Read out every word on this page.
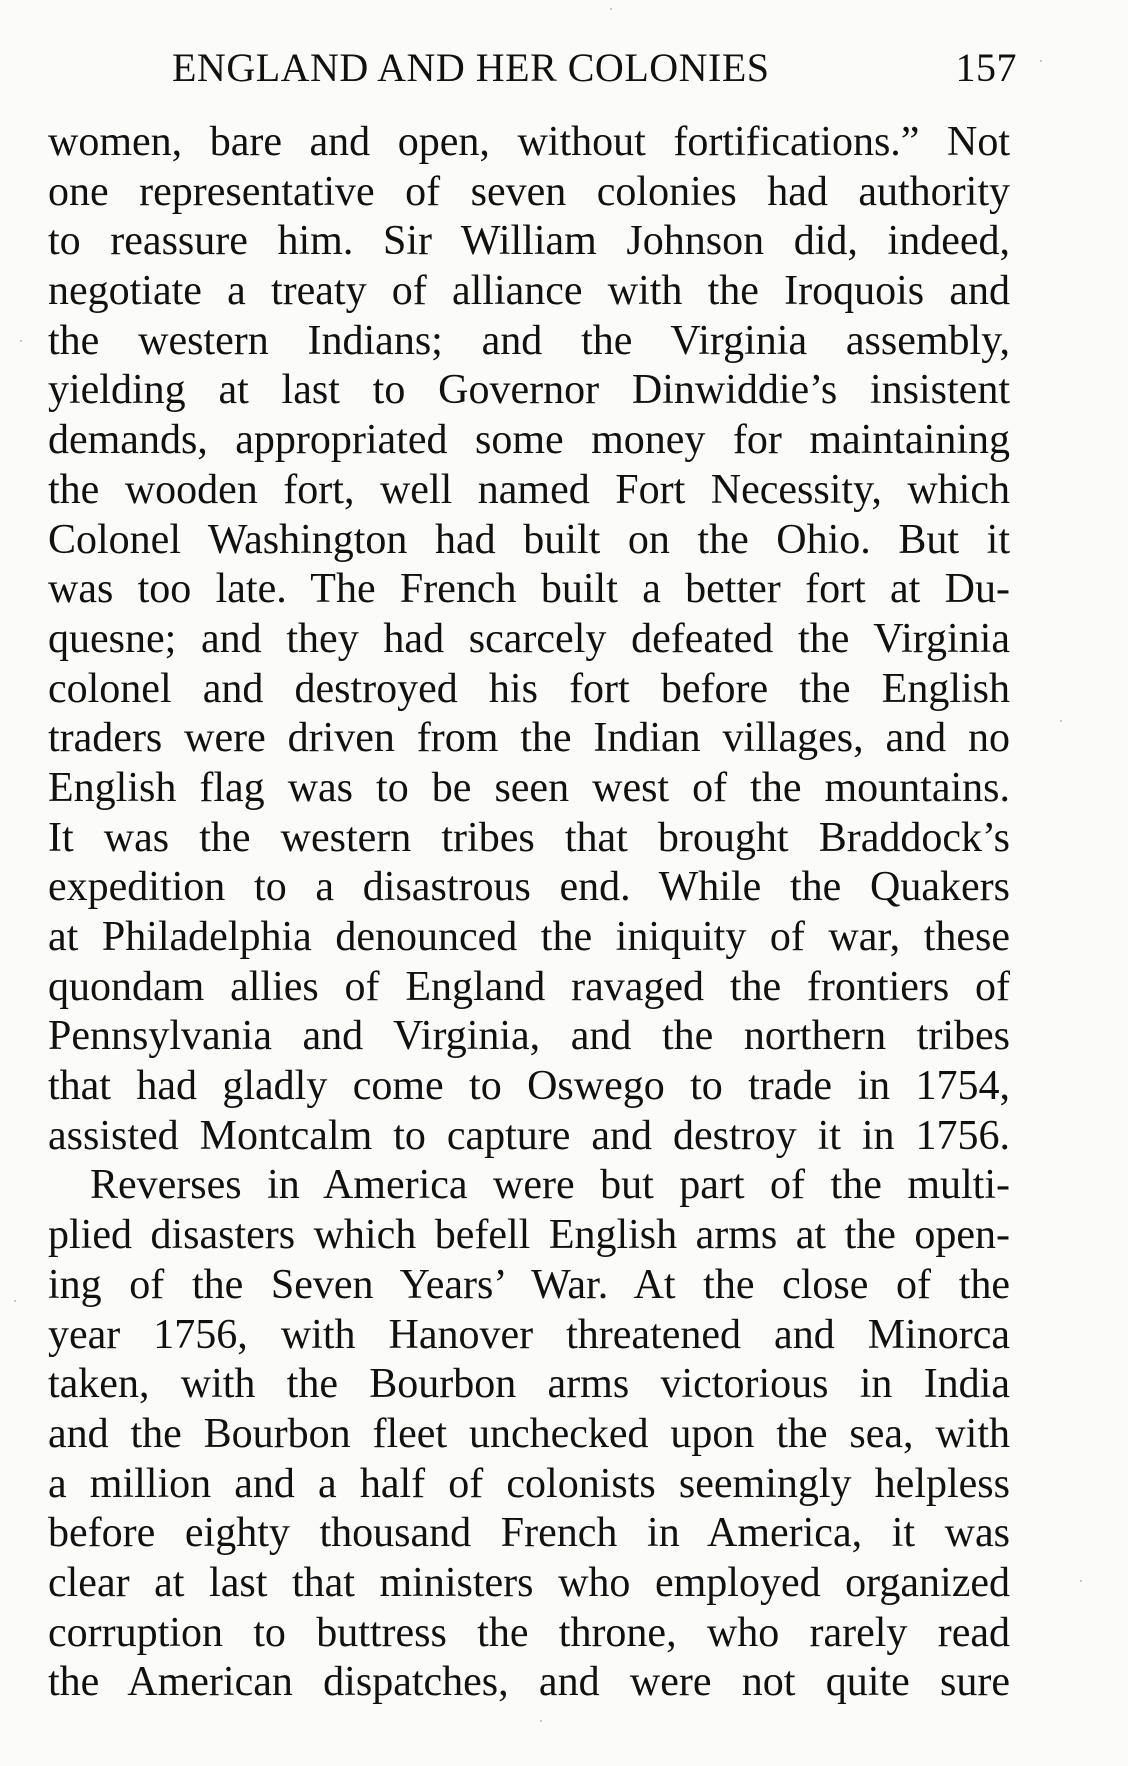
ENGLAND AND HER COLONIES	157
women, bare and open, without fortifications.” Not
one representative of seven colonies had authority
to reassure him. Sir William Johnson did, indeed,
negotiate a treaty of alliance with the Iroquois and
the western Indians; and the Virginia assembly,
yielding at last to Governor Dinwiddie’s insistent
demands, appropriated some money for maintaining
the wooden fort, well named Fort Necessity, which
Colonel Washington had built on the Ohio. But it
was too late. The French built a better fort at Du-
quesne; and they had scarcely defeated the Virginia
colonel and destroyed his fort before the English
traders were driven from the Indian villages, and no
English flag was to be seen west of the mountains.
It was the western tribes that brought Braddock’s
expedition to a disastrous end. While the Quakers
at Philadelphia denounced the iniquity of war, these
quondam allies of England ravaged the frontiers of
Pennsylvania and Virginia, and the northern tribes
that had gladly come to Oswego to trade in 1754,
assisted Montcalm to capture and destroy it in 1756.
Reverses in America were but part of the multi-
plied disasters which befell English arms at the open-
ing of the Seven Years’ War. At the close of the
year 1756, with Hanover threatened and Minorca
taken, with the Bourbon arms victorious in India
and the Bourbon fleet unchecked upon the sea, with
a million and a half of colonists seemingly helpless
before eighty thousand French in America, it was
clear at last that ministers who employed organized
corruption to buttress the throne, who rarely read
the American dispatches, and were not quite sure
